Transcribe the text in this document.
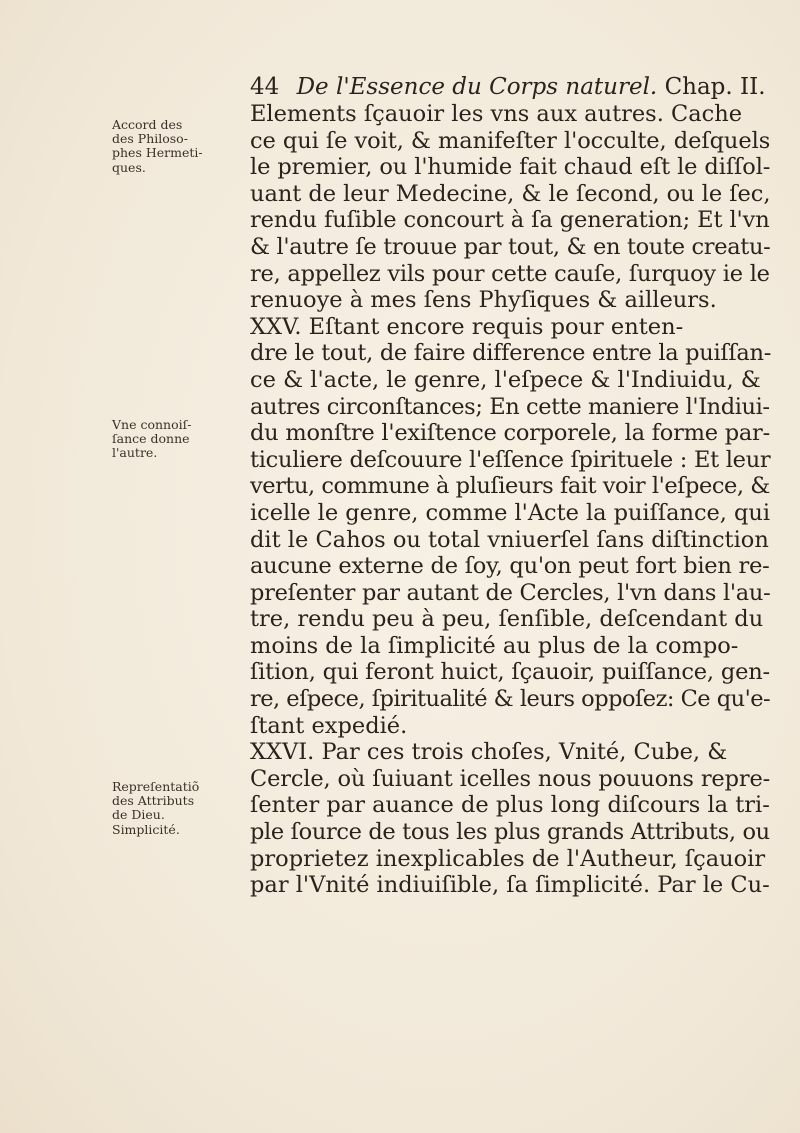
44 De l'Essence du Corps naturel. Chap. II.
Accord des
des Philoso-
phes Hermeti-
ques.
Vne connoiſ-
ſance donne
l'autre.
Repreſentatiõ
des Attributs
de Dieu.
Simplicité.
Elements ſçauoir les vns aux autres. Cache
ce qui ſe voit, & manifeſter l'occulte, deſquels
le premier, ou l'humide fait chaud eſt le diſſol-
uant de leur Medecine, & le ſecond, ou le ſec,
rendu fuſible concourt à ſa generation; Et l'vn
& l'autre ſe trouue par tout, & en toute creatu-
re, appellez vils pour cette cauſe, ſurquoy ie le
renuoye à mes ſens Phyſiques & ailleurs.
XXV. Eſtant encore requis pour enten-
dre le tout, de faire difference entre la puiſſan-
ce & l'acte, le genre, l'eſpece & l'Indiuidu, &
autres circonſtances; En cette maniere l'Indiui-
du monſtre l'exiſtence corporele, la forme par-
ticuliere deſcouure l'eſſence ſpirituele : Et leur
vertu, commune à pluſieurs fait voir l'eſpece, &
icelle le genre, comme l'Acte la puiſſance, qui
dit le Cahos ou total vniuerſel ſans diſtinction
aucune externe de ſoy, qu'on peut fort bien re-
preſenter par autant de Cercles, l'vn dans l'au-
tre, rendu peu à peu, ſenſible, deſcendant du
moins de la ſimplicité au plus de la compo-
ſition, qui feront huict, ſçauoir, puiſſance, gen-
re, eſpece, ſpiritualité & leurs oppoſez: Ce qu'e-
ſtant expedié.
XXVI. Par ces trois choſes, Vnité, Cube, &
Cercle, où ſuiuant icelles nous pouuons repre-
ſenter par auance de plus long diſcours la tri-
ple ſource de tous les plus grands Attributs, ou
proprietez inexplicables de l'Autheur, ſçauoir
par l'Vnité indiuiſible, ſa ſimplicité. Par le Cu-
